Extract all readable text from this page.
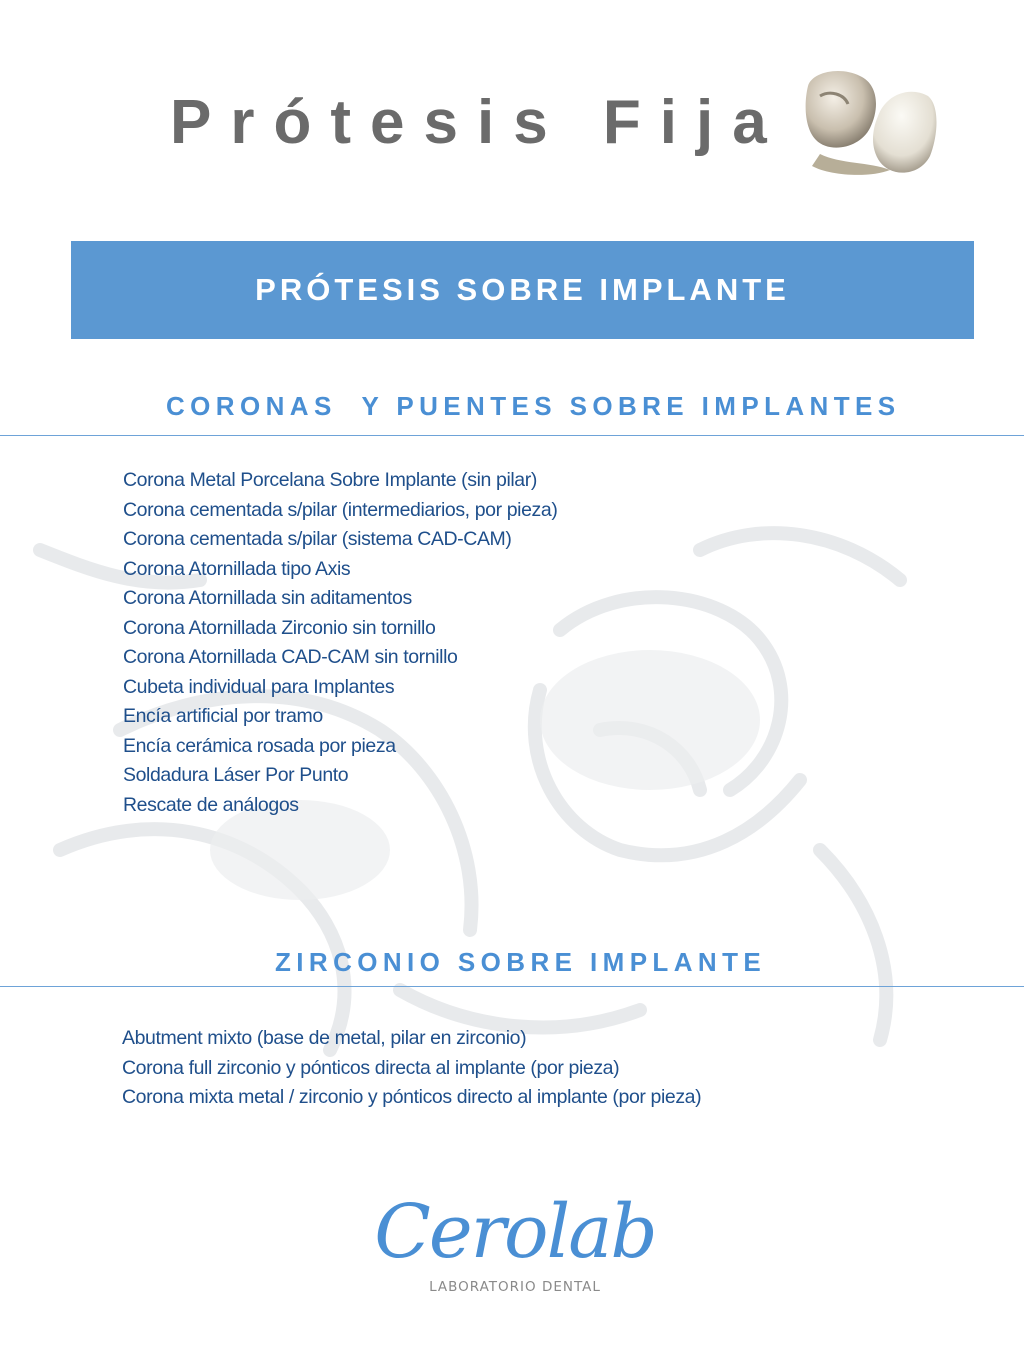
Prótesis Fija
PRÓTESIS SOBRE IMPLANTE
CORONAS  Y PUENTES SOBRE IMPLANTES
Corona Metal Porcelana Sobre Implante (sin pilar)
Corona cementada s/pilar (intermediarios, por pieza)
Corona cementada s/pilar (sistema CAD-CAM)
Corona Atornillada tipo Axis
Corona Atornillada sin aditamentos
Corona Atornillada Zirconio sin tornillo
Corona Atornillada CAD-CAM sin tornillo
Cubeta individual para Implantes
Encía artificial por tramo
Encía cerámica rosada por pieza
Soldadura Láser Por Punto
Rescate de análogos
ZIRCONIO SOBRE IMPLANTE
Abutment mixto (base de metal, pilar en zirconio)
Corona full zirconio y pónticos directa al implante (por pieza)
Corona mixta metal / zirconio y pónticos directo al implante (por pieza)
Cerolab
LABORATORIO DENTAL
